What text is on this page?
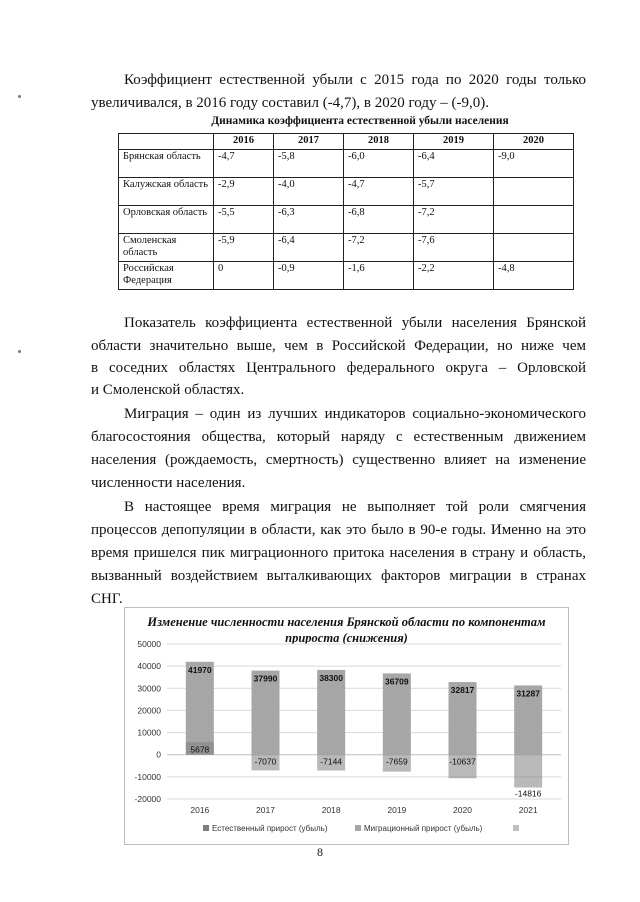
Коэффициент естественной убыли с 2015 года по 2020 годы только
увеличивался, в 2016 году составил (-4,7), в 2020 году – (-9,0).
Динамика коэффициента естественной убыли населения
	2016	2017	2018	2019	2020
Брянская область	-4,7	-5,8	-6,0	-6,4	-9,0
Калужская область	-2,9	-4,0	-4,7	-5,7	
Орловская область	-5,5	-6,3	-6,8	-7,2	
Смоленская область	-5,9	-6,4	-7,2	-7,6	
Российская Федерация	0	-0,9	-1,6	-2,2	-4,8
Показатель коэффициента естественной убыли населения Брянской
области значительно выше, чем в Российской Федерации, но ниже чем
в соседних областях Центрального федерального округа – Орловской
и Смоленской областях.
Миграция – один из лучших индикаторов социально-экономического
благосостояния общества, который наряду с естественным движением
населения (рождаемость, смертность) существенно влияет на изменение
численности населения.
В настоящее время миграция не выполняет той роли смягчения
процессов депопуляции в области, как это было в 90-е годы. Именно на это
время пришелся пик миграционного притока населения в страну и область,
вызванный воздействием выталкивающих факторов миграции в странах
СНГ.
Изменение численности населения Брянской области по компонентам прироста (снижения)
50000
40000
30000
20000
10000
0
-10000
-20000
41970
5678
2016
37990
-7070
2017
38300
-7144
2018
36709
-7659
2019
32817
-10637
2020
31287
-14816
2021
Естественный прирост (убыль)	Миграционный прирост (убыль)
8
